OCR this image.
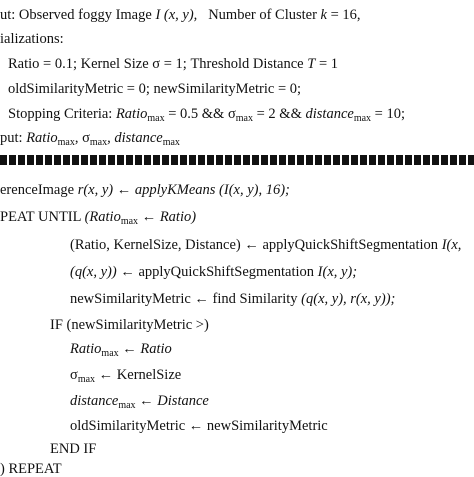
ut: Observed foggy Image I (x, y), Number of Cluster k = 16,
ializations:
Ratio = 0.1; Kernel Size σ = 1; Threshold Distance T = 1
oldSimilarityMetric = 0; newSimilarityMetric = 0;
Stopping Criteria: Ratio$_{max}$ = 0.5 && $\sigma_{max} = 2$ && distance$_{max}$ = 10;
put: Ratio$_{max}$, $\sigma_{max}$, distance$_{max}$
erenceImage r(x, y) ← applyKMeans (I(x, y), 16);
PEAT UNTIL (Ratio$_{max}$ ← Ratio)
(Ratio, KernelSize, Distance) ← applyQuickShiftSegmentation I(x,
(q(x, y)) ← applyQuickShiftSegmentation I(x, y);
newSimilarityMetric ← find Similarity (q(x, y), r(x, y));
IF (newSimilarityMetric >)
Ratio$_{max}$ ← Ratio
$\sigma_{max}$ ← KernelSize
distance$_{max}$ ← Distance
oldSimilarityMetric ← newSimilarityMetric
END IF
) REPEAT
